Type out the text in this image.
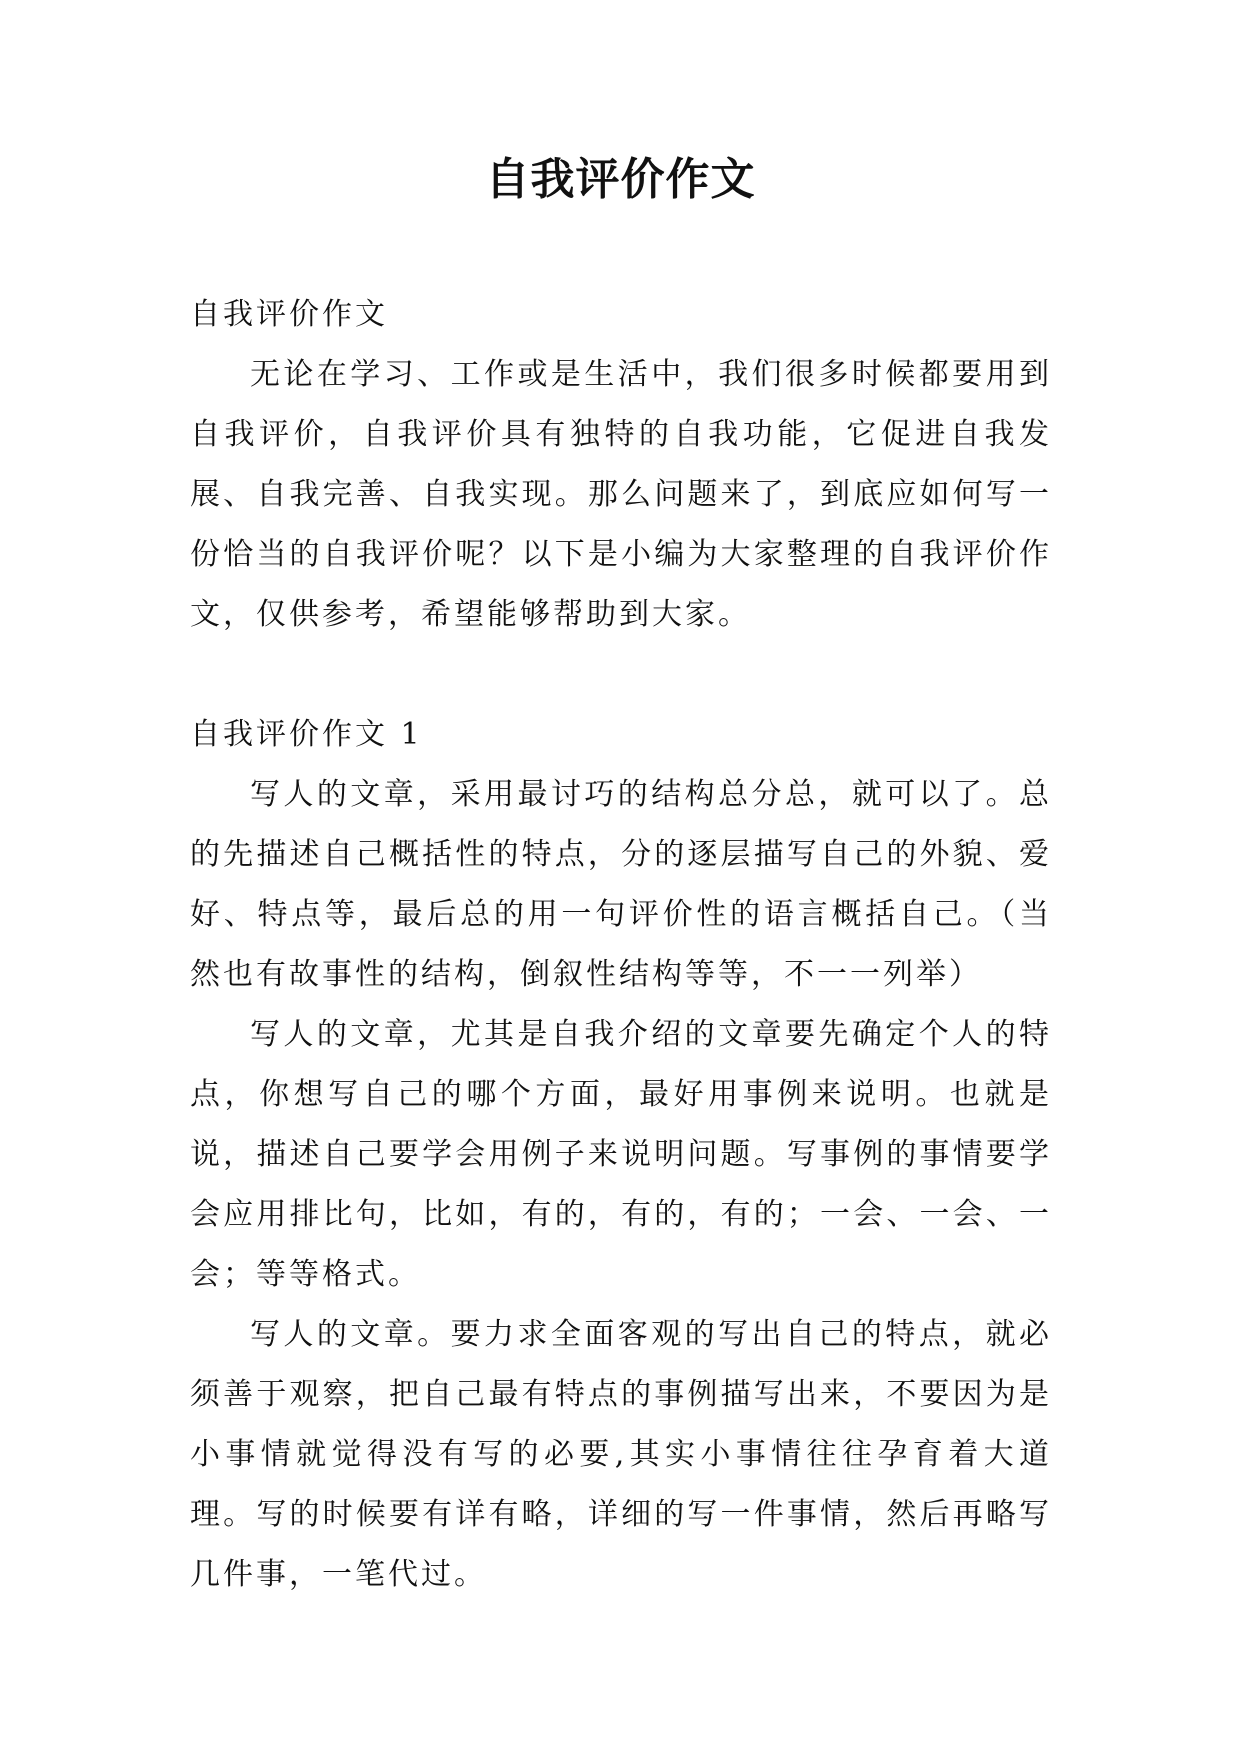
自我评价作文

自我评价作文

无论在学习、工作或是生活中，我们很多时候都要用到自我评价，自我评价具有独特的自我功能，它促进自我发展、自我完善、自我实现。那么问题来了，到底应如何写一份恰当的自我评价呢？以下是小编为大家整理的自我评价作文，仅供参考，希望能够帮助到大家。

自我评价作文 1

写人的文章，采用最讨巧的结构总分总，就可以了。总的先描述自己概括性的特点，分的逐层描写自己的外貌、爱好、特点等，最后总的用一句评价性的语言概括自己。（当然也有故事性的结构，倒叙性结构等等，不一一列举）

写人的文章，尤其是自我介绍的文章要先确定个人的特点，你想写自己的哪个方面，最好用事例来说明。也就是说，描述自己要学会用例子来说明问题。写事例的事情要学会应用排比句，比如，有的，有的，有的；一会、一会、一会；等等格式。

写人的文章。要力求全面客观的写出自己的特点，就必须善于观察，把自己最有特点的事例描写出来，不要因为是小事情就觉得没有写的必要,其实小事情往往孕育着大道理。写的时候要有详有略，详细的写一件事情，然后再略写几件事，一笔代过。
